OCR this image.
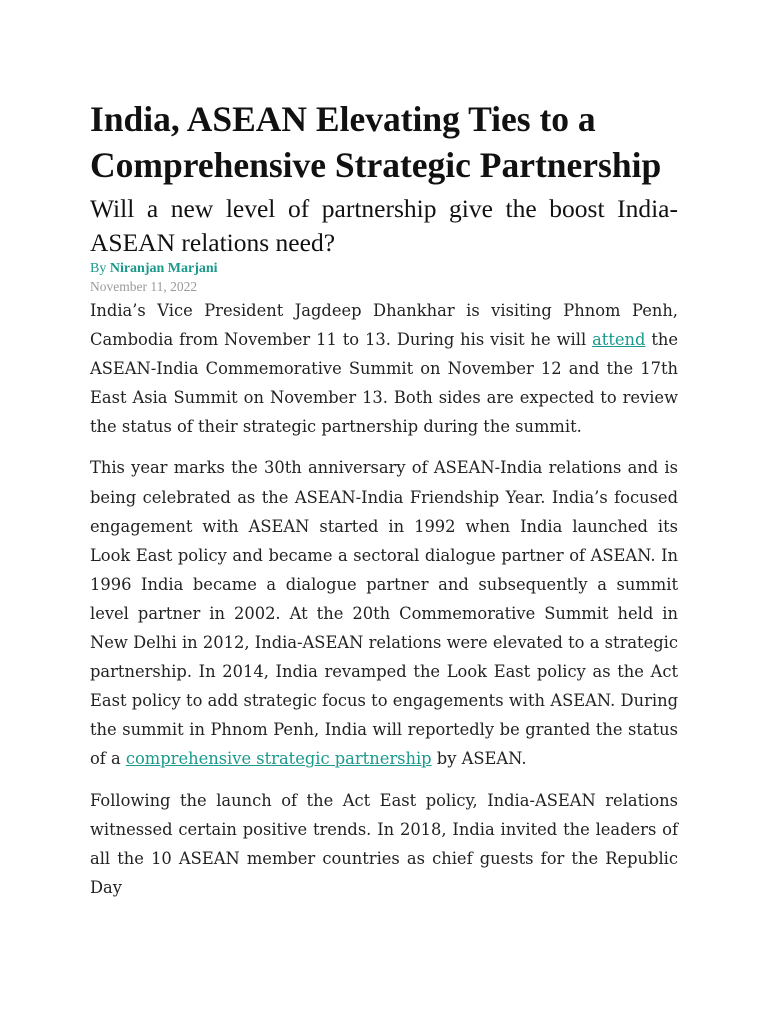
India, ASEAN Elevating Ties to a Comprehensive Strategic Partnership
Will a new level of partnership give the boost India-ASEAN relations need?
By Niranjan Marjani
November 11, 2022

India’s Vice President Jagdeep Dhankhar is visiting Phnom Penh, Cambodia from November 11 to 13. During his visit he will attend the ASEAN-India Commemorative Summit on November 12 and the 17th East Asia Summit on November 13. Both sides are expected to review the status of their strategic partnership during the summit.

This year marks the 30th anniversary of ASEAN-India relations and is being celebrated as the ASEAN-India Friendship Year. India’s focused engagement with ASEAN started in 1992 when India launched its Look East policy and became a sectoral dialogue partner of ASEAN. In 1996 India became a dialogue partner and subsequently a summit level partner in 2002. At the 20th Commemorative Summit held in New Delhi in 2012, India-ASEAN relations were elevated to a strategic partnership. In 2014, India revamped the Look East policy as the Act East policy to add strategic focus to engagements with ASEAN. During the summit in Phnom Penh, India will reportedly be granted the status of a comprehensive strategic partnership by ASEAN.

Following the launch of the Act East policy, India-ASEAN relations witnessed certain positive trends. In 2018, India invited the leaders of all the 10 ASEAN member countries as chief guests for the Republic Day
